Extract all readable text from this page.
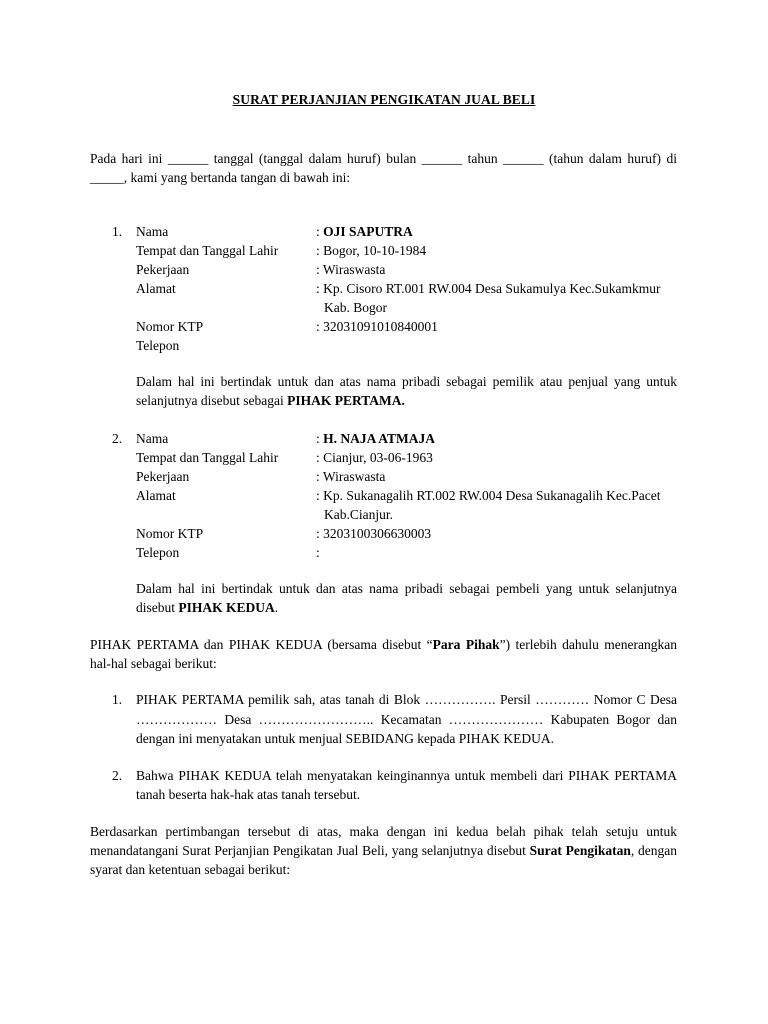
SURAT PERJANJIAN PENGIKATAN JUAL BELI
Pada hari ini ______ tanggal (tanggal dalam huruf) bulan ______ tahun ______ (tahun dalam huruf) di _____, kami yang bertanda tangan di bawah ini:
1. Nama	: OJI SAPUTRA
Tempat dan Tanggal Lahir	: Bogor, 10-10-1984
Pekerjaan	: Wiraswasta
Alamat	: Kp. Cisoro RT.001 RW.004 Desa Sukamulya Kec.Sukamkmur
Kab. Bogor
Nomor KTP	: 32031091010840001
Telepon
Dalam hal ini bertindak untuk dan atas nama pribadi sebagai pemilik atau penjual yang untuk selanjutnya disebut sebagai PIHAK PERTAMA.
2. Nama	: H. NAJA ATMAJA
Tempat dan Tanggal Lahir	: Cianjur, 03-06-1963
Pekerjaan	: Wiraswasta
Alamat	: Kp. Sukanagalih RT.002 RW.004 Desa Sukanagalih Kec.Pacet
Kab.Cianjur.
Nomor KTP	: 3203100306630003
Telepon	:
Dalam hal ini bertindak untuk dan atas nama pribadi sebagai pembeli yang untuk selanjutnya disebut PIHAK KEDUA.
PIHAK PERTAMA dan PIHAK KEDUA (bersama disebut “Para Pihak”) terlebih dahulu menerangkan hal-hal sebagai berikut:
1. PIHAK PERTAMA pemilik sah, atas tanah di Blok ……………. Persil ………… Nomor C Desa ……………… Desa …………………….. Kecamatan ………………… Kabupaten Bogor dan dengan ini menyatakan untuk menjual SEBIDANG kepada PIHAK KEDUA.
2. Bahwa PIHAK KEDUA telah menyatakan keinginannya untuk membeli dari PIHAK PERTAMA tanah beserta hak-hak atas tanah tersebut.
Berdasarkan pertimbangan tersebut di atas, maka dengan ini kedua belah pihak telah setuju untuk menandatangani Surat Perjanjian Pengikatan Jual Beli, yang selanjutnya disebut Surat Pengikatan, dengan syarat dan ketentuan sebagai berikut:
